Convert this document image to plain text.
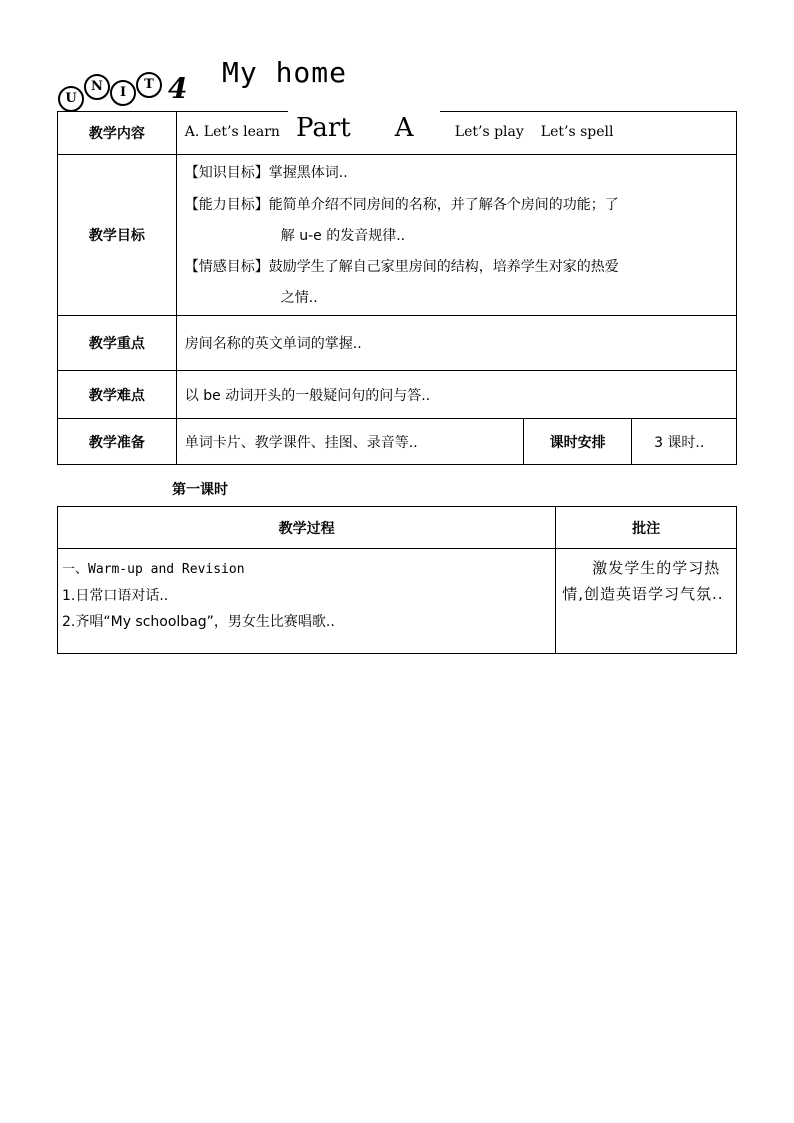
U
N	I
T 4 My home
Part A
教学内容	A. Let’s learn Let’s play Let’s spell		

教学目标	【知识目标】掌握黑体词..
【能力目标】能简单介绍不同房间的名称，并了解各个房间的功能；了
解 u-e 的发音规律..
【情感目标】鼓励学生了解自己家里房间的结构，培养学生对家的热爱
之情..		

教学重点	房间名称的英文单词的掌握..		
教学难点	以 be 动词开头的一般疑问句的问与答..		
教学准备	单词卡片、教学课件、挂图、录音等..	课时安排	3 课时..
第一课时
教学过程	批注

一、Warm-up and Revision
1.日常口语对话..
2.齐唱“My schoolbag”，男女生比赛唱歌..	激发学生的学习热情,创造英语学习气氛..
